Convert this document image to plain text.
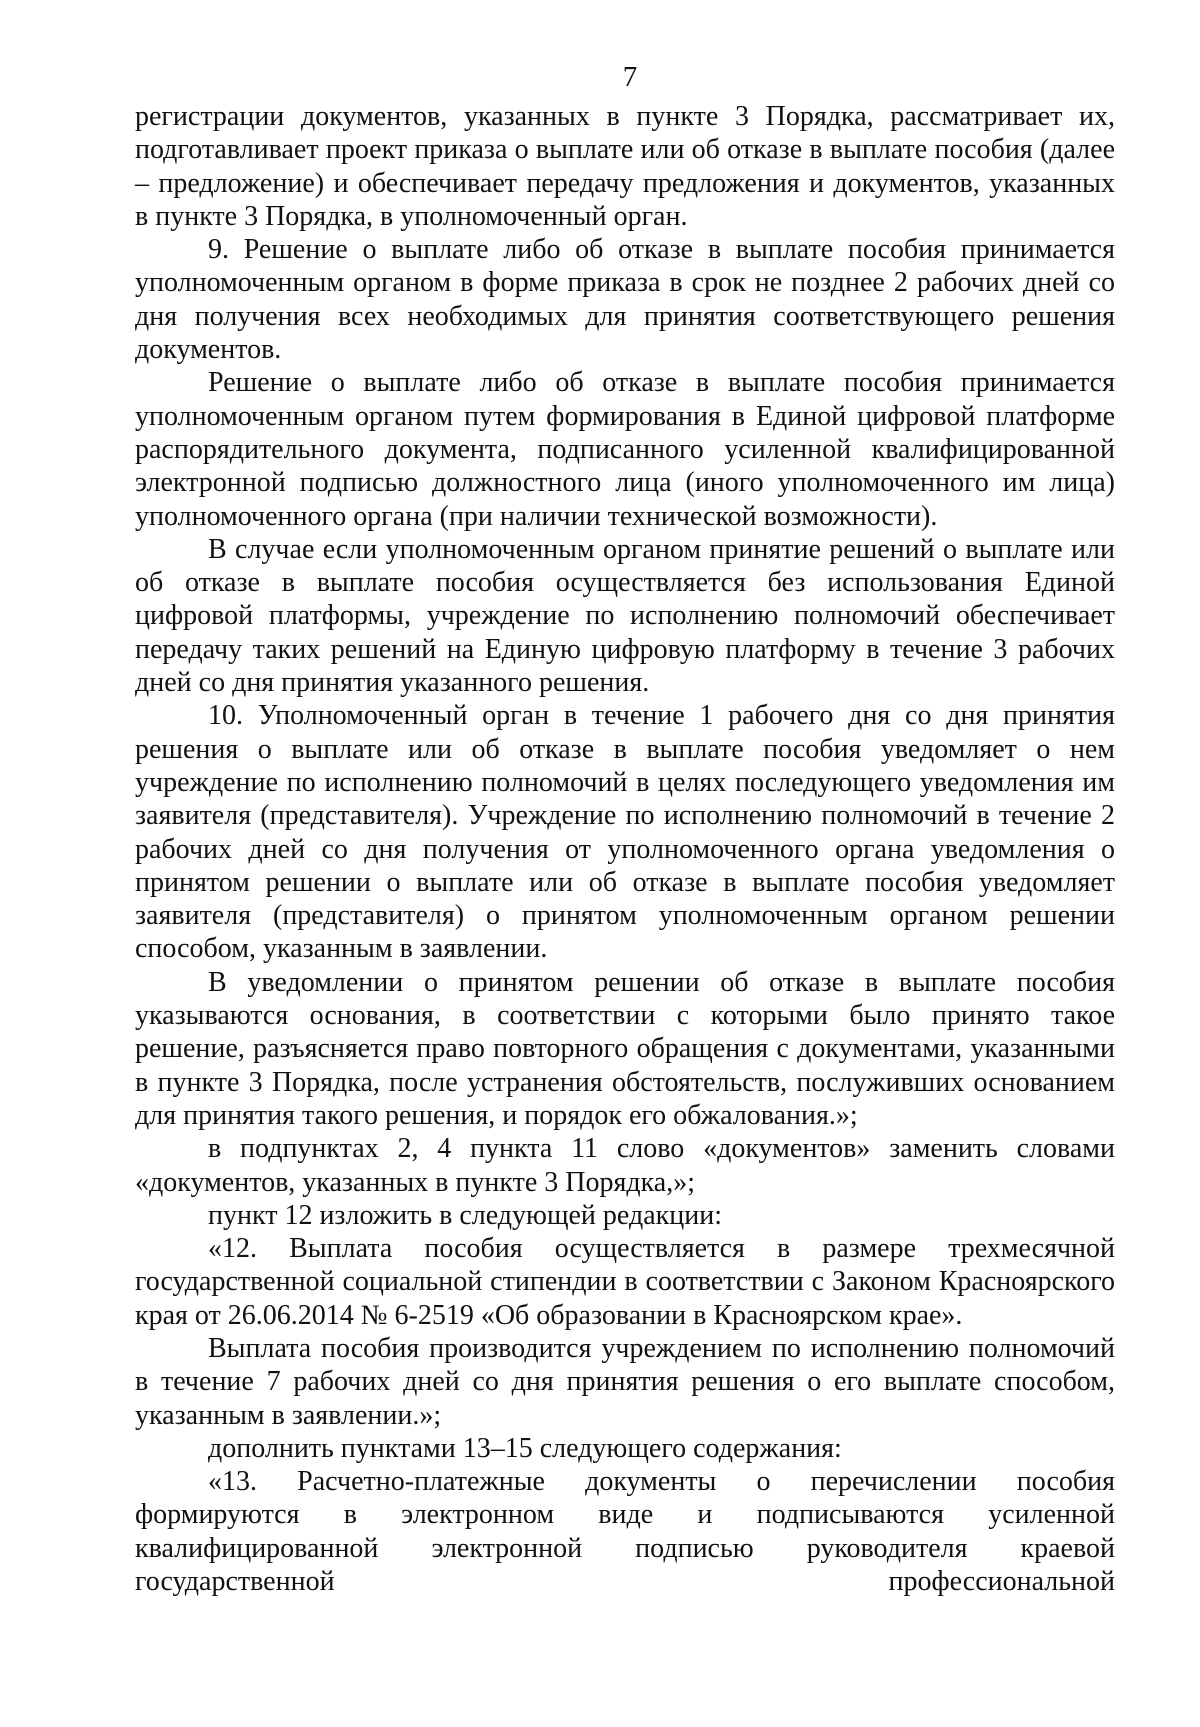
7

регистрации документов, указанных в пункте 3 Порядка, рассматривает их, подготавливает проект приказа о выплате или об отказе в выплате пособия (далее – предложение) и обеспечивает передачу предложения и документов, указанных в пункте 3 Порядка, в уполномоченный орган.

9. Решение о выплате либо об отказе в выплате пособия принимается уполномоченным органом в форме приказа в срок не позднее 2 рабочих дней со дня получения всех необходимых для принятия соответствующего решения документов.

Решение о выплате либо об отказе в выплате пособия принимается уполномоченным органом путем формирования в Единой цифровой платформе распорядительного документа, подписанного усиленной квалифицированной электронной подписью должностного лица (иного уполномоченного им лица) уполномоченного органа (при наличии технической возможности).

В случае если уполномоченным органом принятие решений о выплате или об отказе в выплате пособия осуществляется без использования Единой цифровой платформы, учреждение по исполнению полномочий обеспечивает передачу таких решений на Единую цифровую платформу в течение 3 рабочих дней со дня принятия указанного решения.

10. Уполномоченный орган в течение 1 рабочего дня со дня принятия решения о выплате или об отказе в выплате пособия уведомляет о нем учреждение по исполнению полномочий в целях последующего уведомления им заявителя (представителя). Учреждение по исполнению полномочий в течение 2 рабочих дней со дня получения от уполномоченного органа уведомления о принятом решении о выплате или об отказе в выплате пособия уведомляет заявителя (представителя) о принятом уполномоченным органом решении способом, указанным в заявлении.

В уведомлении о принятом решении об отказе в выплате пособия указываются основания, в соответствии с которыми было принято такое решение, разъясняется право повторного обращения с документами, указанными в пункте 3 Порядка, после устранения обстоятельств, послуживших основанием для принятия такого решения, и порядок его обжалования.»;

в подпунктах 2, 4 пункта 11 слово «документов» заменить словами «документов, указанных в пункте 3 Порядка,»;

пункт 12 изложить в следующей редакции:

«12. Выплата пособия осуществляется в размере трехмесячной государственной социальной стипендии в соответствии с Законом Красноярского края от 26.06.2014 № 6-2519 «Об образовании в Красноярском крае».

Выплата пособия производится учреждением по исполнению полномочий в течение 7 рабочих дней со дня принятия решения о его выплате способом, указанным в заявлении.»;

дополнить пунктами 13–15 следующего содержания:

«13. Расчетно-платежные документы о перечислении пособия формируются в электронном виде и подписываются усиленной квалифицированной электронной подписью руководителя краевой государственной профессиональной
